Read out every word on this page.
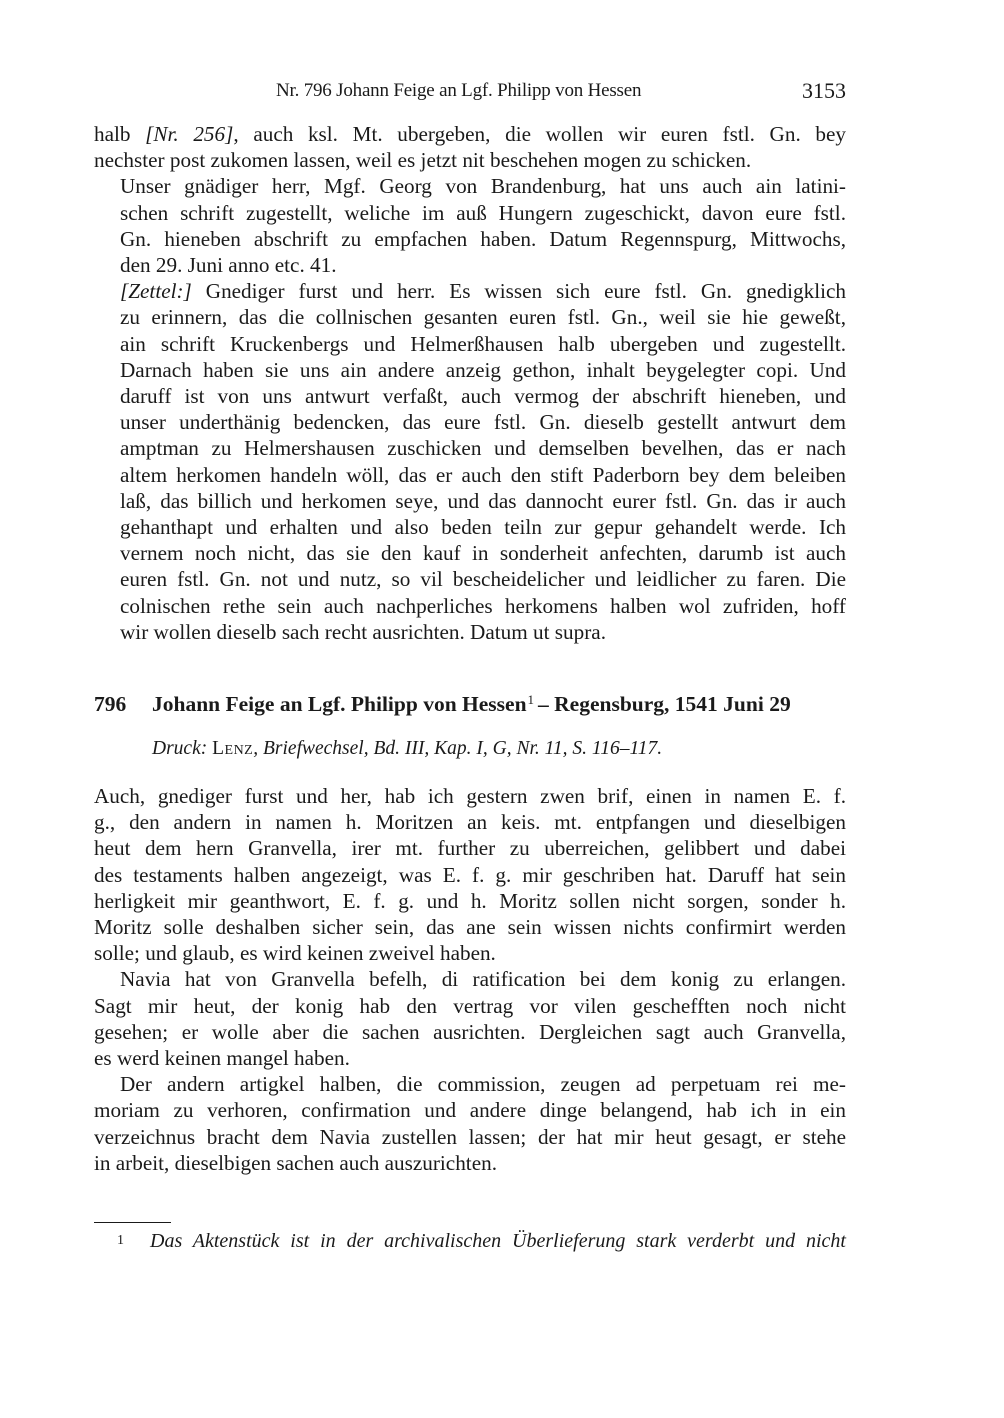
Nr. 796 Johann Feige an Lgf. Philipp von Hessen	3153

halb [Nr. 256], auch ksl. Mt. ubergeben, die wollen wir euren fstl. Gn. bey
nechster post zukomen lassen, weil es jetzt nit beschehen mogen zu schicken.

Unser gnädiger herr, Mgf. Georg von Brandenburg, hat uns auch ain latini-
schen schrift zugestellt, weliche im auß Hungern zugeschickt, davon eure fstl.
Gn. hieneben abschrift zu empfachen haben. Datum Regennspurg, Mittwochs,
den 29. Juni anno etc. 41.

[Zettel:] Gnediger furst und herr. Es wissen sich eure fstl. Gn. gnedigklich
zu erinnern, das die collnischen gesanten euren fstl. Gn., weil sie hie geweßt,
ain schrift Kruckenbergs und Helmerßhausen halb ubergeben und zugestellt.
Darnach haben sie uns ain andere anzeig gethon, inhalt beygelegter copi. Und
daruff ist von uns antwurt verfaßt, auch vermog der abschrift hieneben, und
unser underthänig bedencken, das eure fstl. Gn. dieselb gestellt antwurt dem
amptman zu Helmershausen zuschicken und demselben bevelhen, das er nach
altem herkomen handeln wöll, das er auch den stift Paderborn bey dem beleiben
laß, das billich und herkomen seye, und das dannocht eurer fstl. Gn. das ir auch
gehanthapt und erhalten und also beden teiln zur gepur gehandelt werde. Ich
vernem noch nicht, das sie den kauf in sonderheit anfechten, darumb ist auch
euren fstl. Gn. not und nutz, so vil bescheidelicher und leidlicher zu faren. Die
colnischen rethe sein auch nachperliches herkomens halben wol zufriden, hoff
wir wollen dieselb sach recht ausrichten. Datum ut supra.

796 Johann Feige an Lgf. Philipp von Hessen$^1$ – Regensburg, 1541 Juni 29
Druck: Lenz, Briefwechsel, Bd. III, Kap. I, G, Nr. 11, S. 116–117.

Auch, gnediger furst und her, hab ich gestern zwen brif, einen in namen E. f.
g., den andern in namen h. Moritzen an keis. mt. entpfangen und dieselbigen
heut dem hern Granvella, irer mt. further zu uberreichen, gelibbert und dabei
des testaments halben angezeigt, was E. f. g. mir geschriben hat. Daruff hat sein
herligkeit mir geanthwort, E. f. g. und h. Moritz sollen nicht sorgen, sonder h.
Moritz solle deshalben sicher sein, das ane sein wissen nichts confirmirt werden
solle; und glaub, es wird keinen zweivel haben.

Navia hat von Granvella befelh, di ratification bei dem konig zu erlangen.
Sagt mir heut, der konig hab den vertrag vor vilen geschefften noch nicht
gesehen; er wolle aber die sachen ausrichten. Dergleichen sagt auch Granvella,
es werd keinen mangel haben.

Der andern artigkel halben, die commission, zeugen ad perpetuam rei me-
moriam zu verhoren, confirmation und andere dinge belangend, hab ich in ein
verzeichnus bracht dem Navia zustellen lassen; der hat mir heut gesagt, er stehe
in arbeit, dieselbigen sachen auch auszurichten.

1 Das Aktenstück ist in der archivalischen Überlieferung stark verderbt und nicht
